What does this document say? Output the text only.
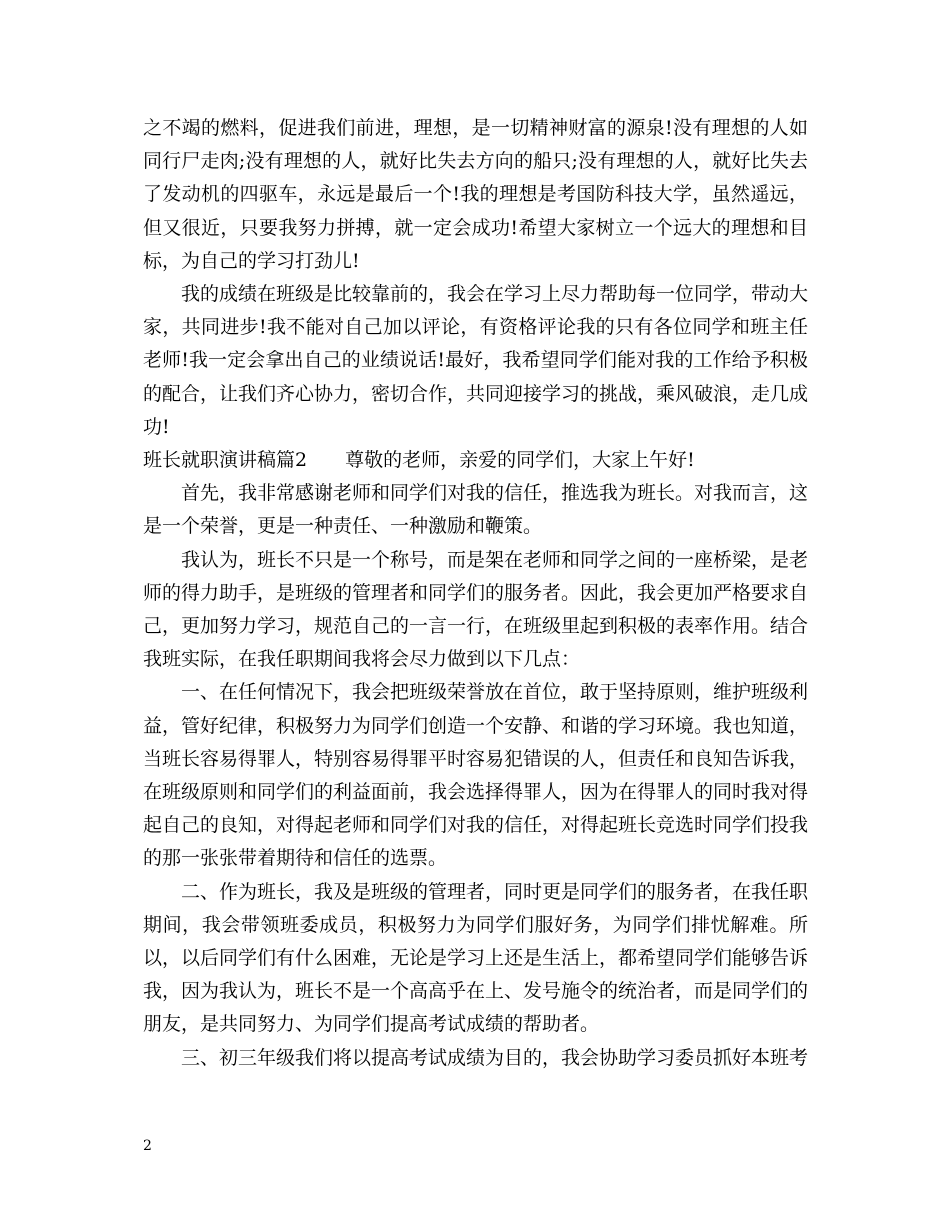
之不竭的燃料，促进我们前进，理想，是一切精神财富的源泉!没有理想的人如同行尸走肉;没有理想的人，就好比失去方向的船只;没有理想的人，就好比失去了发动机的四驱车，永远是最后一个!我的理想是考国防科技大学，虽然遥远，但又很近，只要我努力拼搏，就一定会成功!希望大家树立一个远大的理想和目标，为自己的学习打劲儿!

我的成绩在班级是比较靠前的，我会在学习上尽力帮助每一位同学，带动大家，共同进步!我不能对自己加以评论，有资格评论我的只有各位同学和班主任老师!我一定会拿出自己的业绩说话!最好，我希望同学们能对我的工作给予积极的配合，让我们齐心协力，密切合作，共同迎接学习的挑战，乘风破浪，走几成功!

班长就职演讲稿篇2　　尊敬的老师，亲爱的同学们，大家上午好!

首先，我非常感谢老师和同学们对我的信任，推选我为班长。对我而言，这是一个荣誉，更是一种责任、一种激励和鞭策。

我认为，班长不只是一个称号，而是架在老师和同学之间的一座桥梁，是老师的得力助手，是班级的管理者和同学们的服务者。因此，我会更加严格要求自己，更加努力学习，规范自己的一言一行，在班级里起到积极的表率作用。结合我班实际，在我任职期间我将会尽力做到以下几点：

一、在任何情况下，我会把班级荣誉放在首位，敢于坚持原则，维护班级利益，管好纪律，积极努力为同学们创造一个安静、和谐的学习环境。我也知道，当班长容易得罪人，特别容易得罪平时容易犯错误的人，但责任和良知告诉我，在班级原则和同学们的利益面前，我会选择得罪人，因为在得罪人的同时我对得起自己的良知，对得起老师和同学们对我的信任，对得起班长竞选时同学们投我的那一张张带着期待和信任的选票。

二、作为班长，我及是班级的管理者，同时更是同学们的服务者，在我任职期间，我会带领班委成员，积极努力为同学们服好务，为同学们排忧解难。所以，以后同学们有什么困难，无论是学习上还是生活上，都希望同学们能够告诉我，因为我认为，班长不是一个高高乎在上、发号施令的统治者，而是同学们的朋友，是共同努力、为同学们提高考试成绩的帮助者。

三、初三年级我们将以提高考试成绩为目的，我会协助学习委员抓好本班考

2
